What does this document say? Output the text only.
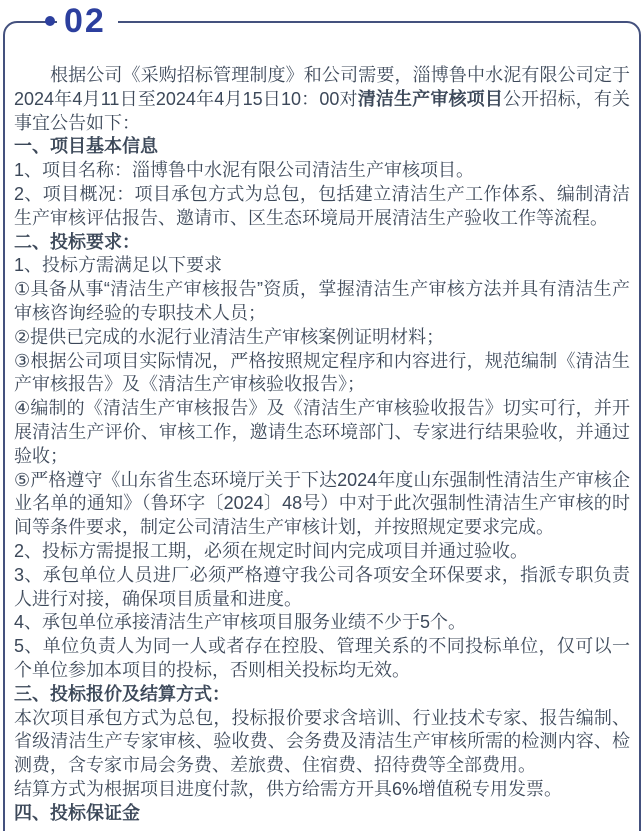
02

根据公司《采购招标管理制度》和公司需要，淄博鲁中水泥有限公司定于2024年4月11日至2024年4月15日10：00对清洁生产审核项目公开招标，有关事宜公告如下：

一、项目基本信息

1、项目名称：淄博鲁中水泥有限公司清洁生产审核项目。

2、项目概况：项目承包方式为总包，包括建立清洁生产工作体系、编制清洁生产审核评估报告、邀请市、区生态环境局开展清洁生产验收工作等流程。

二、投标要求：

1、投标方需满足以下要求

①具备从事“清洁生产审核报告”资质，掌握清洁生产审核方法并具有清洁生产审核咨询经验的专职技术人员；

②提供已完成的水泥行业清洁生产审核案例证明材料；

③根据公司项目实际情况，严格按照规定程序和内容进行，规范编制《清洁生产审核报告》及《清洁生产审核验收报告》；

④编制的《清洁生产审核报告》及《清洁生产审核验收报告》切实可行，并开展清洁生产评价、审核工作，邀请生态环境部门、专家进行结果验收，并通过验收；

⑤严格遵守《山东省生态环境厅关于下达2024年度山东强制性清洁生产审核企业名单的通知》（鲁环字〔2024〕48号）中对于此次强制性清洁生产审核的时间等条件要求，制定公司清洁生产审核计划，并按照规定要求完成。

2、投标方需提报工期，必须在规定时间内完成项目并通过验收。

3、承包单位人员进厂必须严格遵守我公司各项安全环保要求，指派专职负责人进行对接，确保项目质量和进度。

4、承包单位承接清洁生产审核项目服务业绩不少于5个。

5、单位负责人为同一人或者存在控股、管理关系的不同投标单位，仅可以一个单位参加本项目的投标，否则相关投标均无效。

三、投标报价及结算方式：

本次项目承包方式为总包，投标报价要求含培训、行业技术专家、报告编制、省级清洁生产专家审核、验收费、会务费及清洁生产审核所需的检测内容、检测费，含专家市局会务费、差旅费、住宿费、招待费等全部费用。

结算方式为根据项目进度付款，供方给需方开具6%增值税专用发票。

四、投标保证金
